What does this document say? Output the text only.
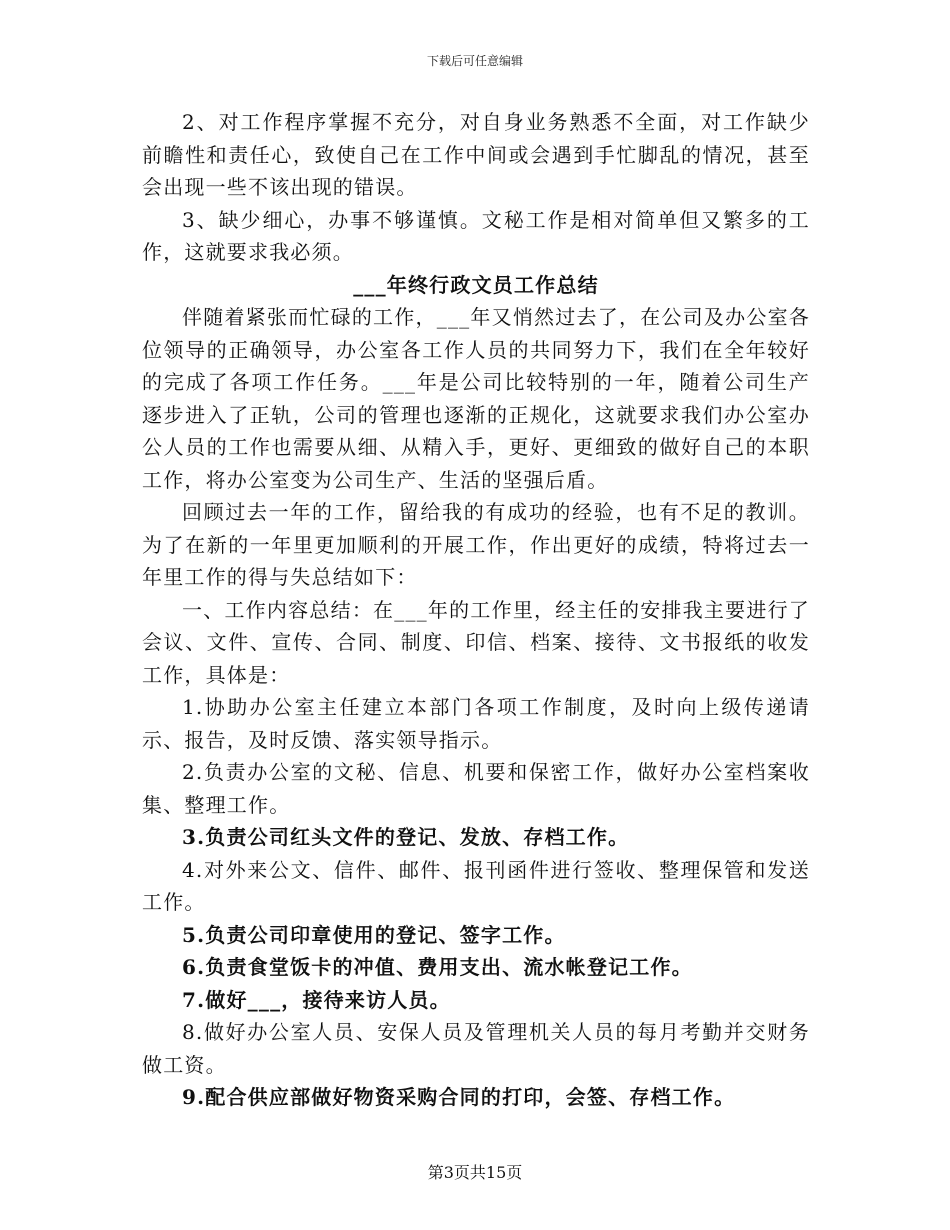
下载后可任意编辑

2、对工作程序掌握不充分，对自身业务熟悉不全面，对工作缺少前瞻性和责任心，致使自己在工作中间或会遇到手忙脚乱的情况，甚至会出现一些不该出现的错误。

3、缺少细心，办事不够谨慎。文秘工作是相对简单但又繁多的工作，这就要求我必须。

___年终行政文员工作总结

伴随着紧张而忙碌的工作，___年又悄然过去了，在公司及办公室各位领导的正确领导，办公室各工作人员的共同努力下，我们在全年较好的完成了各项工作任务。___年是公司比较特别的一年，随着公司生产逐步进入了正轨，公司的管理也逐渐的正规化，这就要求我们办公室办公人员的工作也需要从细、从精入手，更好、更细致的做好自己的本职工作，将办公室变为公司生产、生活的坚强后盾。

回顾过去一年的工作，留给我的有成功的经验，也有不足的教训。为了在新的一年里更加顺利的开展工作，作出更好的成绩，特将过去一年里工作的得与失总结如下：

一、工作内容总结：在___年的工作里，经主任的安排我主要进行了会议、文件、宣传、合同、制度、印信、档案、接待、文书报纸的收发工作，具体是：

1.协助办公室主任建立本部门各项工作制度，及时向上级传递请示、报告，及时反馈、落实领导指示。

2.负责办公室的文秘、信息、机要和保密工作，做好办公室档案收集、整理工作。

3.负责公司红头文件的登记、发放、存档工作。

4.对外来公文、信件、邮件、报刊函件进行签收、整理保管和发送工作。

5.负责公司印章使用的登记、签字工作。

6.负责食堂饭卡的冲值、费用支出、流水帐登记工作。

7.做好___，接待来访人员。

8.做好办公室人员、安保人员及管理机关人员的每月考勤并交财务做工资。

9.配合供应部做好物资采购合同的打印，会签、存档工作。

第3页共15页
